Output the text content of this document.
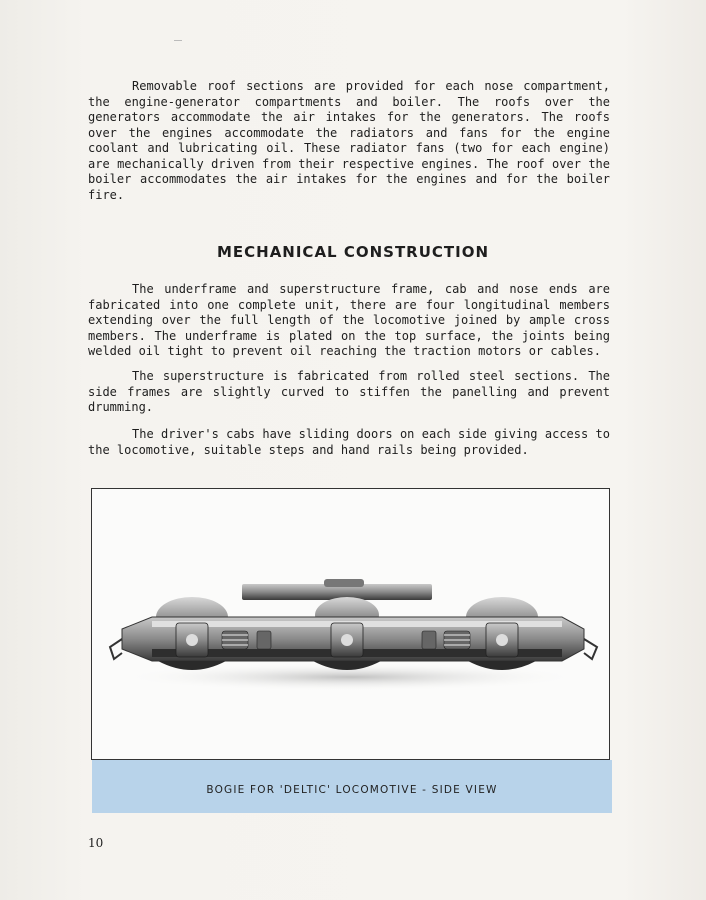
Removable roof sections are provided for each nose compartment, the engine-generator compartments and boiler. The roofs over the generators accommodate the air intakes for the generators. The roofs over the engines accommodate the radiators and fans for the engine coolant and lubricating oil. These radiator fans (two for each engine) are mechanically driven from their respective engines. The roof over the boiler accommodates the air intakes for the engines and for the boiler fire.

MECHANICAL CONSTRUCTION

The underframe and superstructure frame, cab and nose ends are fabricated into one complete unit, there are four longitudinal members extending over the full length of the locomotive joined by ample cross members. The underframe is plated on the top surface, the joints being welded oil tight to prevent oil reaching the traction motors or cables.

The superstructure is fabricated from rolled steel sections. The side frames are slightly curved to stiffen the panelling and prevent drumming.

The driver's cabs have sliding doors on each side giving access to the locomotive, suitable steps and hand rails being provided.

BOGIE FOR 'DELTIC' LOCOMOTIVE - SIDE VIEW
10
